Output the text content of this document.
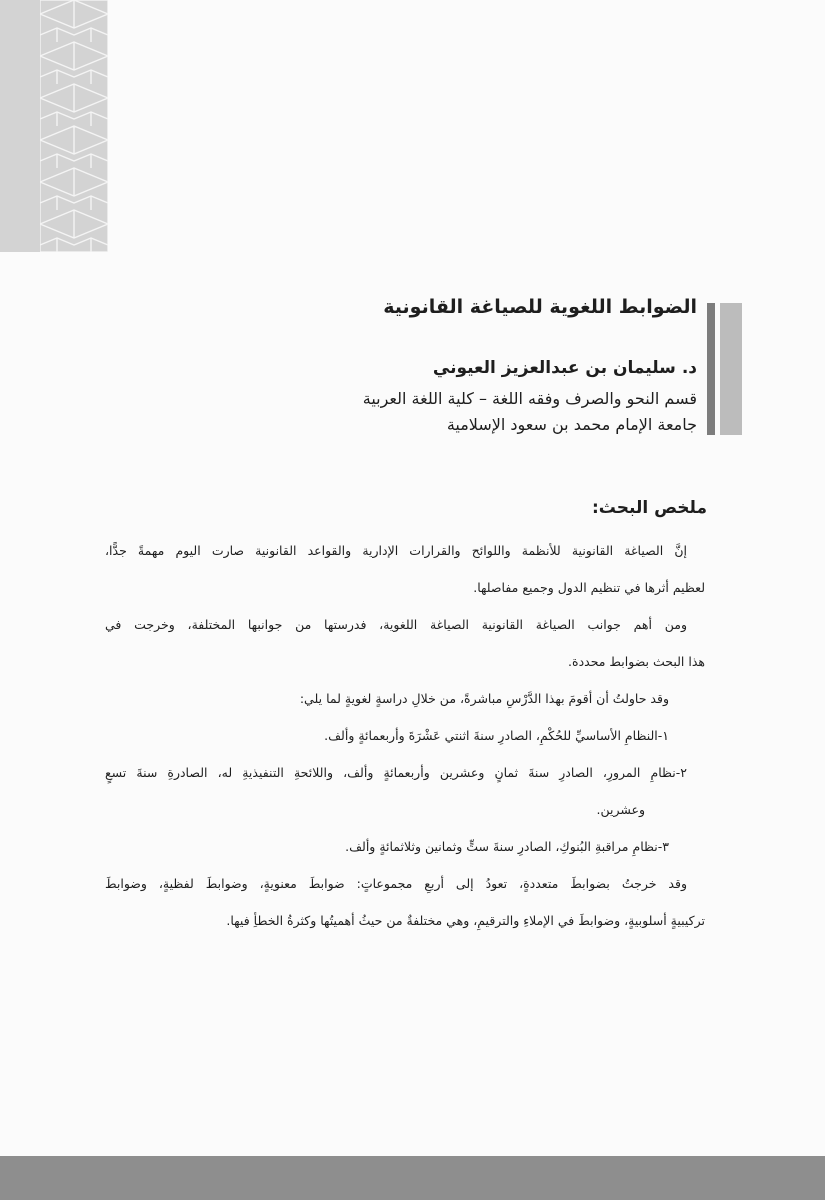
الضوابط اللغوية للصياغة القانونية
د. سليمان بن عبدالعزيز العيوني
قسم النحو والصرف وفقه اللغة – كلية اللغة العربية
جامعة الإمام محمد بن سعود الإسلامية
ملخص البحث:
إنَّ الصياغة القانونية للأنظمة واللوائح والقرارات الإدارية والقواعد القانونية صارت اليوم مهمةً جدًّا،
لعظيم أثرها في تنظيم الدول وجميع مفاصلها.
ومن أهم جوانب الصياغة القانونية الصياغة اللغوية، فدرستها من جوانبها المختلفة، وخرجت في
هذا البحث بضوابط محددة.
وقد حاولتُ أن أقومَ بهذا الدَّرْسِ مباشرةً، من خلالِ دراسةٍ لغويةٍ لما يلي:
١-النظامِ الأساسيِّ للحُكْمِ، الصادرِ سنةَ اثنتي عَشْرَةَ وأربعمائةٍ وألف.
٢-نظامِ المرورِ، الصادرِ سنةَ ثمانٍ وعشرين وأربعمائةٍ وألف، واللائحةِ التنفيذيةِ له، الصادرةِ سنةَ تسعٍ
وعشرين.
٣-نظامِ مراقبةِ البُنوكِ، الصادرِ سنةَ ستٍّ وثمانين وثلاثمائةٍ وألف.
وقد خرجتُ بضوابطَ متعددةٍ، تعودُ إلى أربعِ مجموعاتٍ: ضوابطَ معنويةٍ، وضوابطَ لفظيةٍ، وضوابطَ
تركيبيةٍ أسلوبيةٍ، وضوابطَ في الإملاءِ والترقيمِ، وهي مختلفةٌ من حيثُ أهميتُها وكثرةُ الخطأِ فيها.
